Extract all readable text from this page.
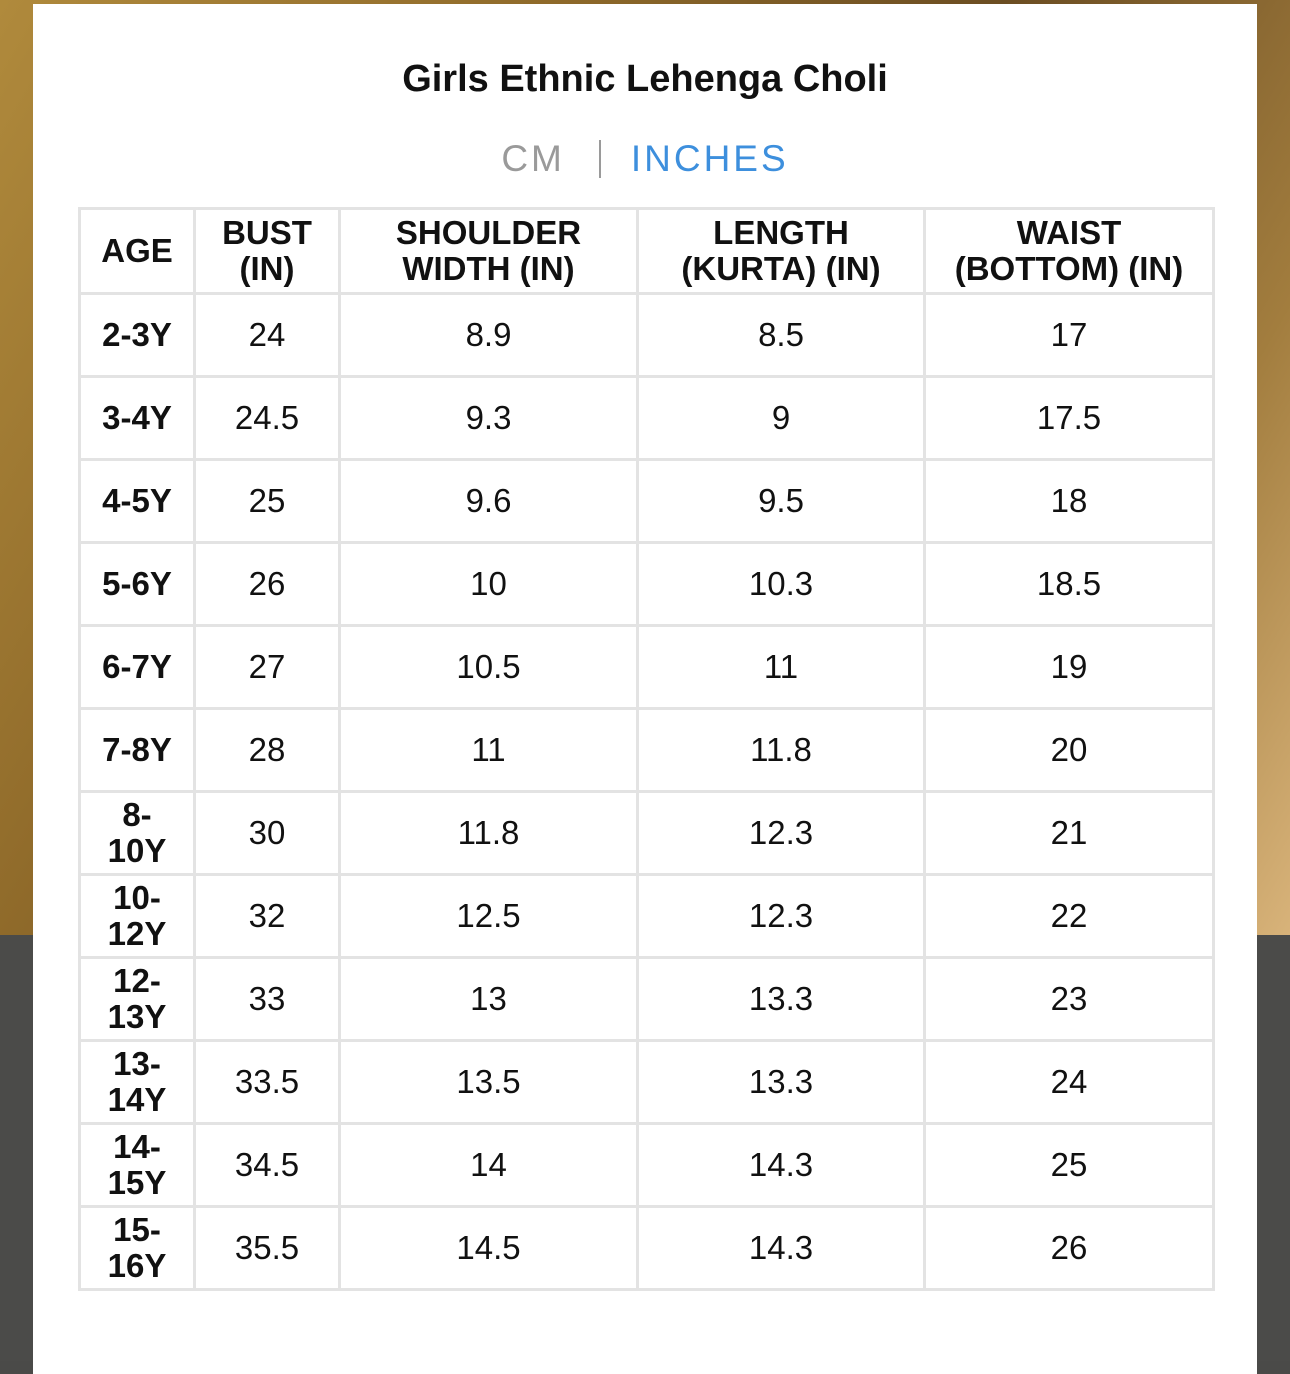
Girls Ethnic Lehenga Choli
CM INCHES
AGE	BUST (IN)	SHOULDER WIDTH (IN)	LENGTH (KURTA) (IN)	WAIST (BOTTOM) (IN)

2-3Y	24	8.9	8.5	17
3-4Y	24.5	9.3	9	17.5
4-5Y	25	9.6	9.5	18
5-6Y	26	10	10.3	18.5
6-7Y	27	10.5	11	19
7-8Y	28	11	11.8	20
8-10Y	30	11.8	12.3	21
10-12Y	32	12.5	12.3	22
12-13Y	33	13	13.3	23
13-14Y	33.5	13.5	13.3	24
14-15Y	34.5	14	14.3	25
15-16Y	35.5	14.5	14.3	26
